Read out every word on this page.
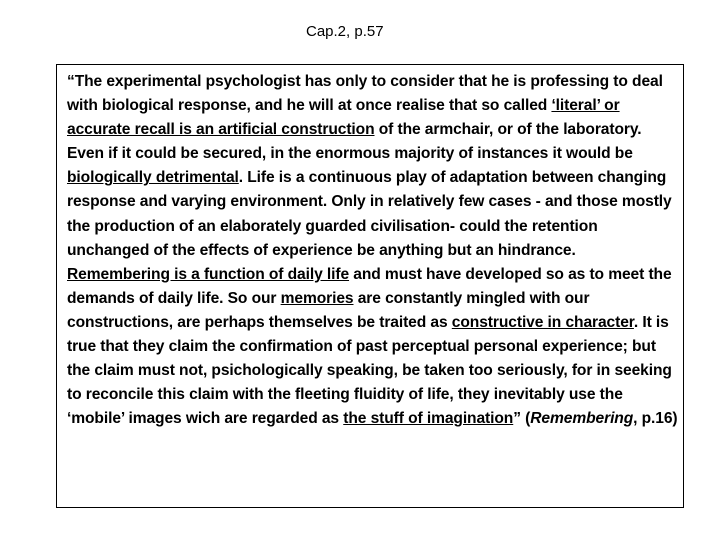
Cap.2, p.57

“The experimental psychologist has only to consider that he is professing to deal with biological response, and he will at once realise that so called ‘literal’ or accurate recall is an artificial construction of the armchair, or of the laboratory. Even if it could be secured, in the enormous majority of instances it would be biologically detrimental. Life is a continuous play of adaptation between changing response and varying environment. Only in relatively few cases - and those mostly the production of an elaborately guarded civilisation- could the retention unchanged of the effects of experience be anything but an hindrance. Remembering is a function of daily life and must have developed so as to meet the demands of daily life. So our memories are constantly mingled with our constructions, are perhaps themselves be traited as constructive in character. It is true that they claim the confirmation of past perceptual personal experience; but the claim must not, psichologically speaking, be taken too seriously, for in seeking to reconcile this claim with the fleeting fluidity of life, they inevitably use the ‘mobile’ images wich are regarded as the stuff of imagination” (Remembering, p.16)
